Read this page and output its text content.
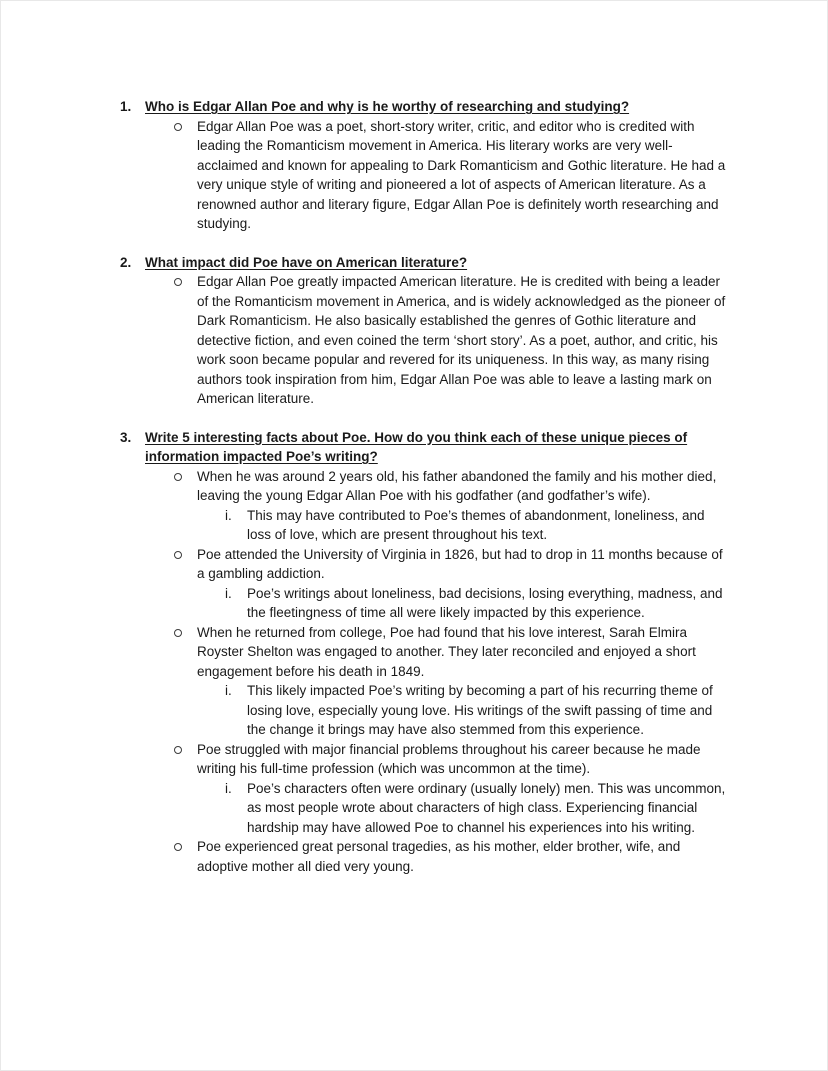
1.	Who is Edgar Allan Poe and why is he worthy of researching and studying?
Edgar Allan Poe was a poet, short-story writer, critic, and editor who is credited with leading the Romanticism movement in America. His literary works are very well-acclaimed and known for appealing to Dark Romanticism and Gothic literature. He had a very unique style of writing and pioneered a lot of aspects of American literature. As a renowned author and literary figure, Edgar Allan Poe is definitely worth researching and studying.
2.	What impact did Poe have on American literature?
Edgar Allan Poe greatly impacted American literature. He is credited with being a leader of the Romanticism movement in America, and is widely acknowledged as the pioneer of Dark Romanticism. He also basically established the genres of Gothic literature and detective fiction, and even coined the term ‘short story’. As a poet, author, and critic, his work soon became popular and revered for its uniqueness. In this way, as many rising authors took inspiration from him, Edgar Allan Poe was able to leave a lasting mark on American literature.
3.	Write 5 interesting facts about Poe. How do you think each of these unique pieces of information impacted Poe’s writing?
When he was around 2 years old, his father abandoned the family and his mother died, leaving the young Edgar Allan Poe with his godfather (and godfather’s wife).
i.	This may have contributed to Poe’s themes of abandonment, loneliness, and loss of love, which are present throughout his text.
Poe attended the University of Virginia in 1826, but had to drop in 11 months because of a gambling addiction.
i.	Poe’s writings about loneliness, bad decisions, losing everything, madness, and the fleetingness of time all were likely impacted by this experience.
When he returned from college, Poe had found that his love interest, Sarah Elmira Royster Shelton was engaged to another. They later reconciled and enjoyed a short engagement before his death in 1849.
i.	This likely impacted Poe’s writing by becoming a part of his recurring theme of losing love, especially young love. His writings of the swift passing of time and the change it brings may have also stemmed from this experience.
Poe struggled with major financial problems throughout his career because he made writing his full-time profession (which was uncommon at the time).
i.	Poe’s characters often were ordinary (usually lonely) men. This was uncommon, as most people wrote about characters of high class. Experiencing financial hardship may have allowed Poe to channel his experiences into his writing.
Poe experienced great personal tragedies, as his mother, elder brother, wife, and adoptive mother all died very young.
